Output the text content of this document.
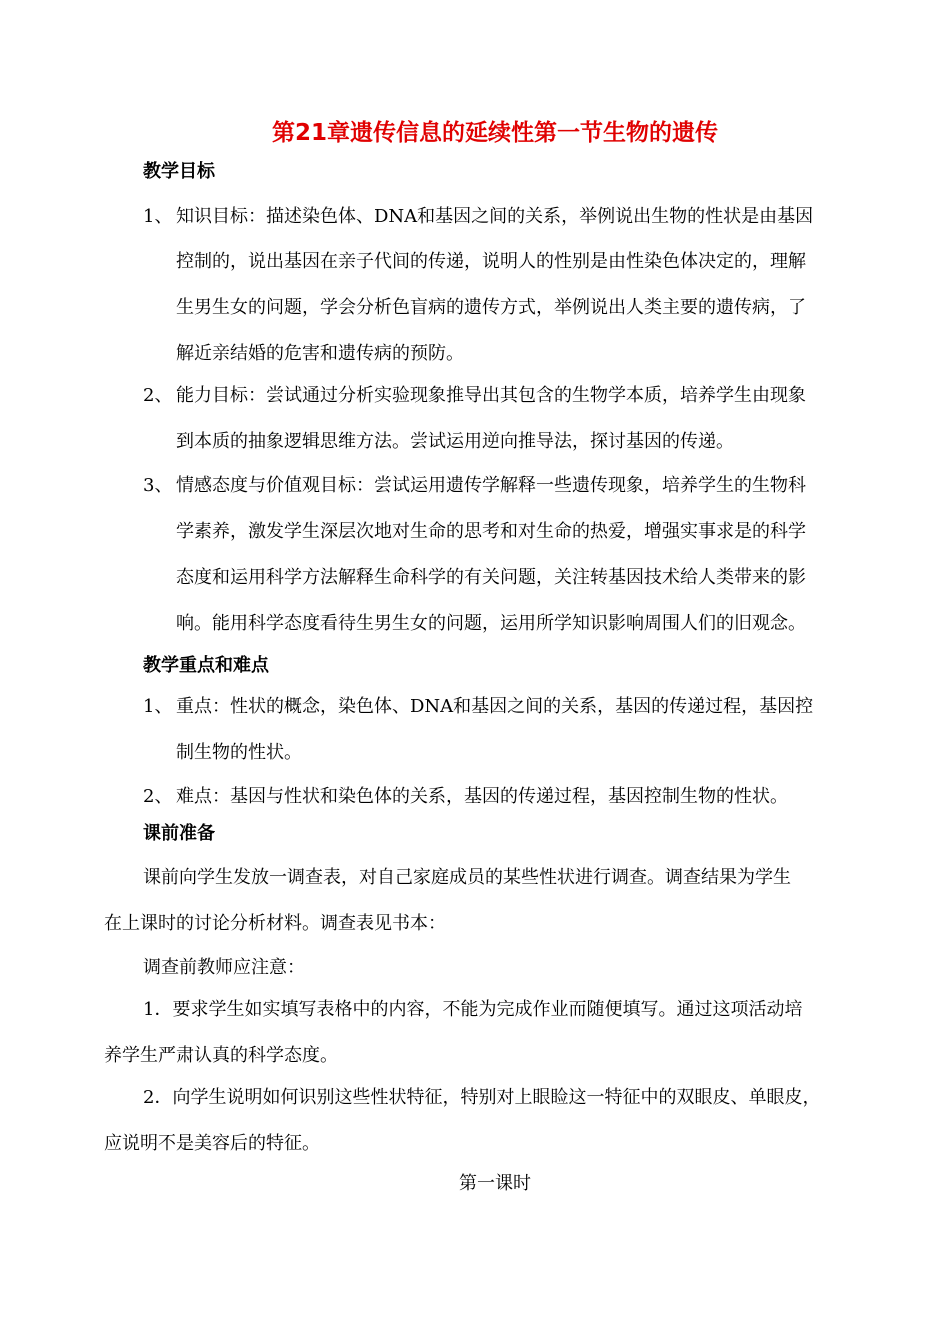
第21章遗传信息的延续性第一节生物的遗传
教学目标
1、 知识目标：描述染色体、DNA和基因之间的关系，举例说出生物的性状是由基因
控制的，说出基因在亲子代间的传递，说明人的性别是由性染色体决定的，理解
生男生女的问题，学会分析色盲病的遗传方式，举例说出人类主要的遗传病，了
解近亲结婚的危害和遗传病的预防。
2、 能力目标：尝试通过分析实验现象推导出其包含的生物学本质，培养学生由现象
到本质的抽象逻辑思维方法。尝试运用逆向推导法，探讨基因的传递。
3、 情感态度与价值观目标：尝试运用遗传学解释一些遗传现象，培养学生的生物科
学素养，激发学生深层次地对生命的思考和对生命的热爱，增强实事求是的科学
态度和运用科学方法解释生命科学的有关问题，关注转基因技术给人类带来的影
响。能用科学态度看待生男生女的问题，运用所学知识影响周围人们的旧观念。
教学重点和难点
1、 重点：性状的概念，染色体、DNA和基因之间的关系，基因的传递过程，基因控
制生物的性状。
2、 难点：基因与性状和染色体的关系，基因的传递过程，基因控制生物的性状。
课前准备
课前向学生发放一调查表，对自己家庭成员的某些性状进行调查。调查结果为学生
在上课时的讨论分析材料。调查表见书本：
调查前教师应注意：
1．要求学生如实填写表格中的内容，不能为完成作业而随便填写。通过这项活动培
养学生严肃认真的科学态度。
2．向学生说明如何识别这些性状特征，特别对上眼睑这一特征中的双眼皮、单眼皮，
应说明不是美容后的特征。
第一课时
